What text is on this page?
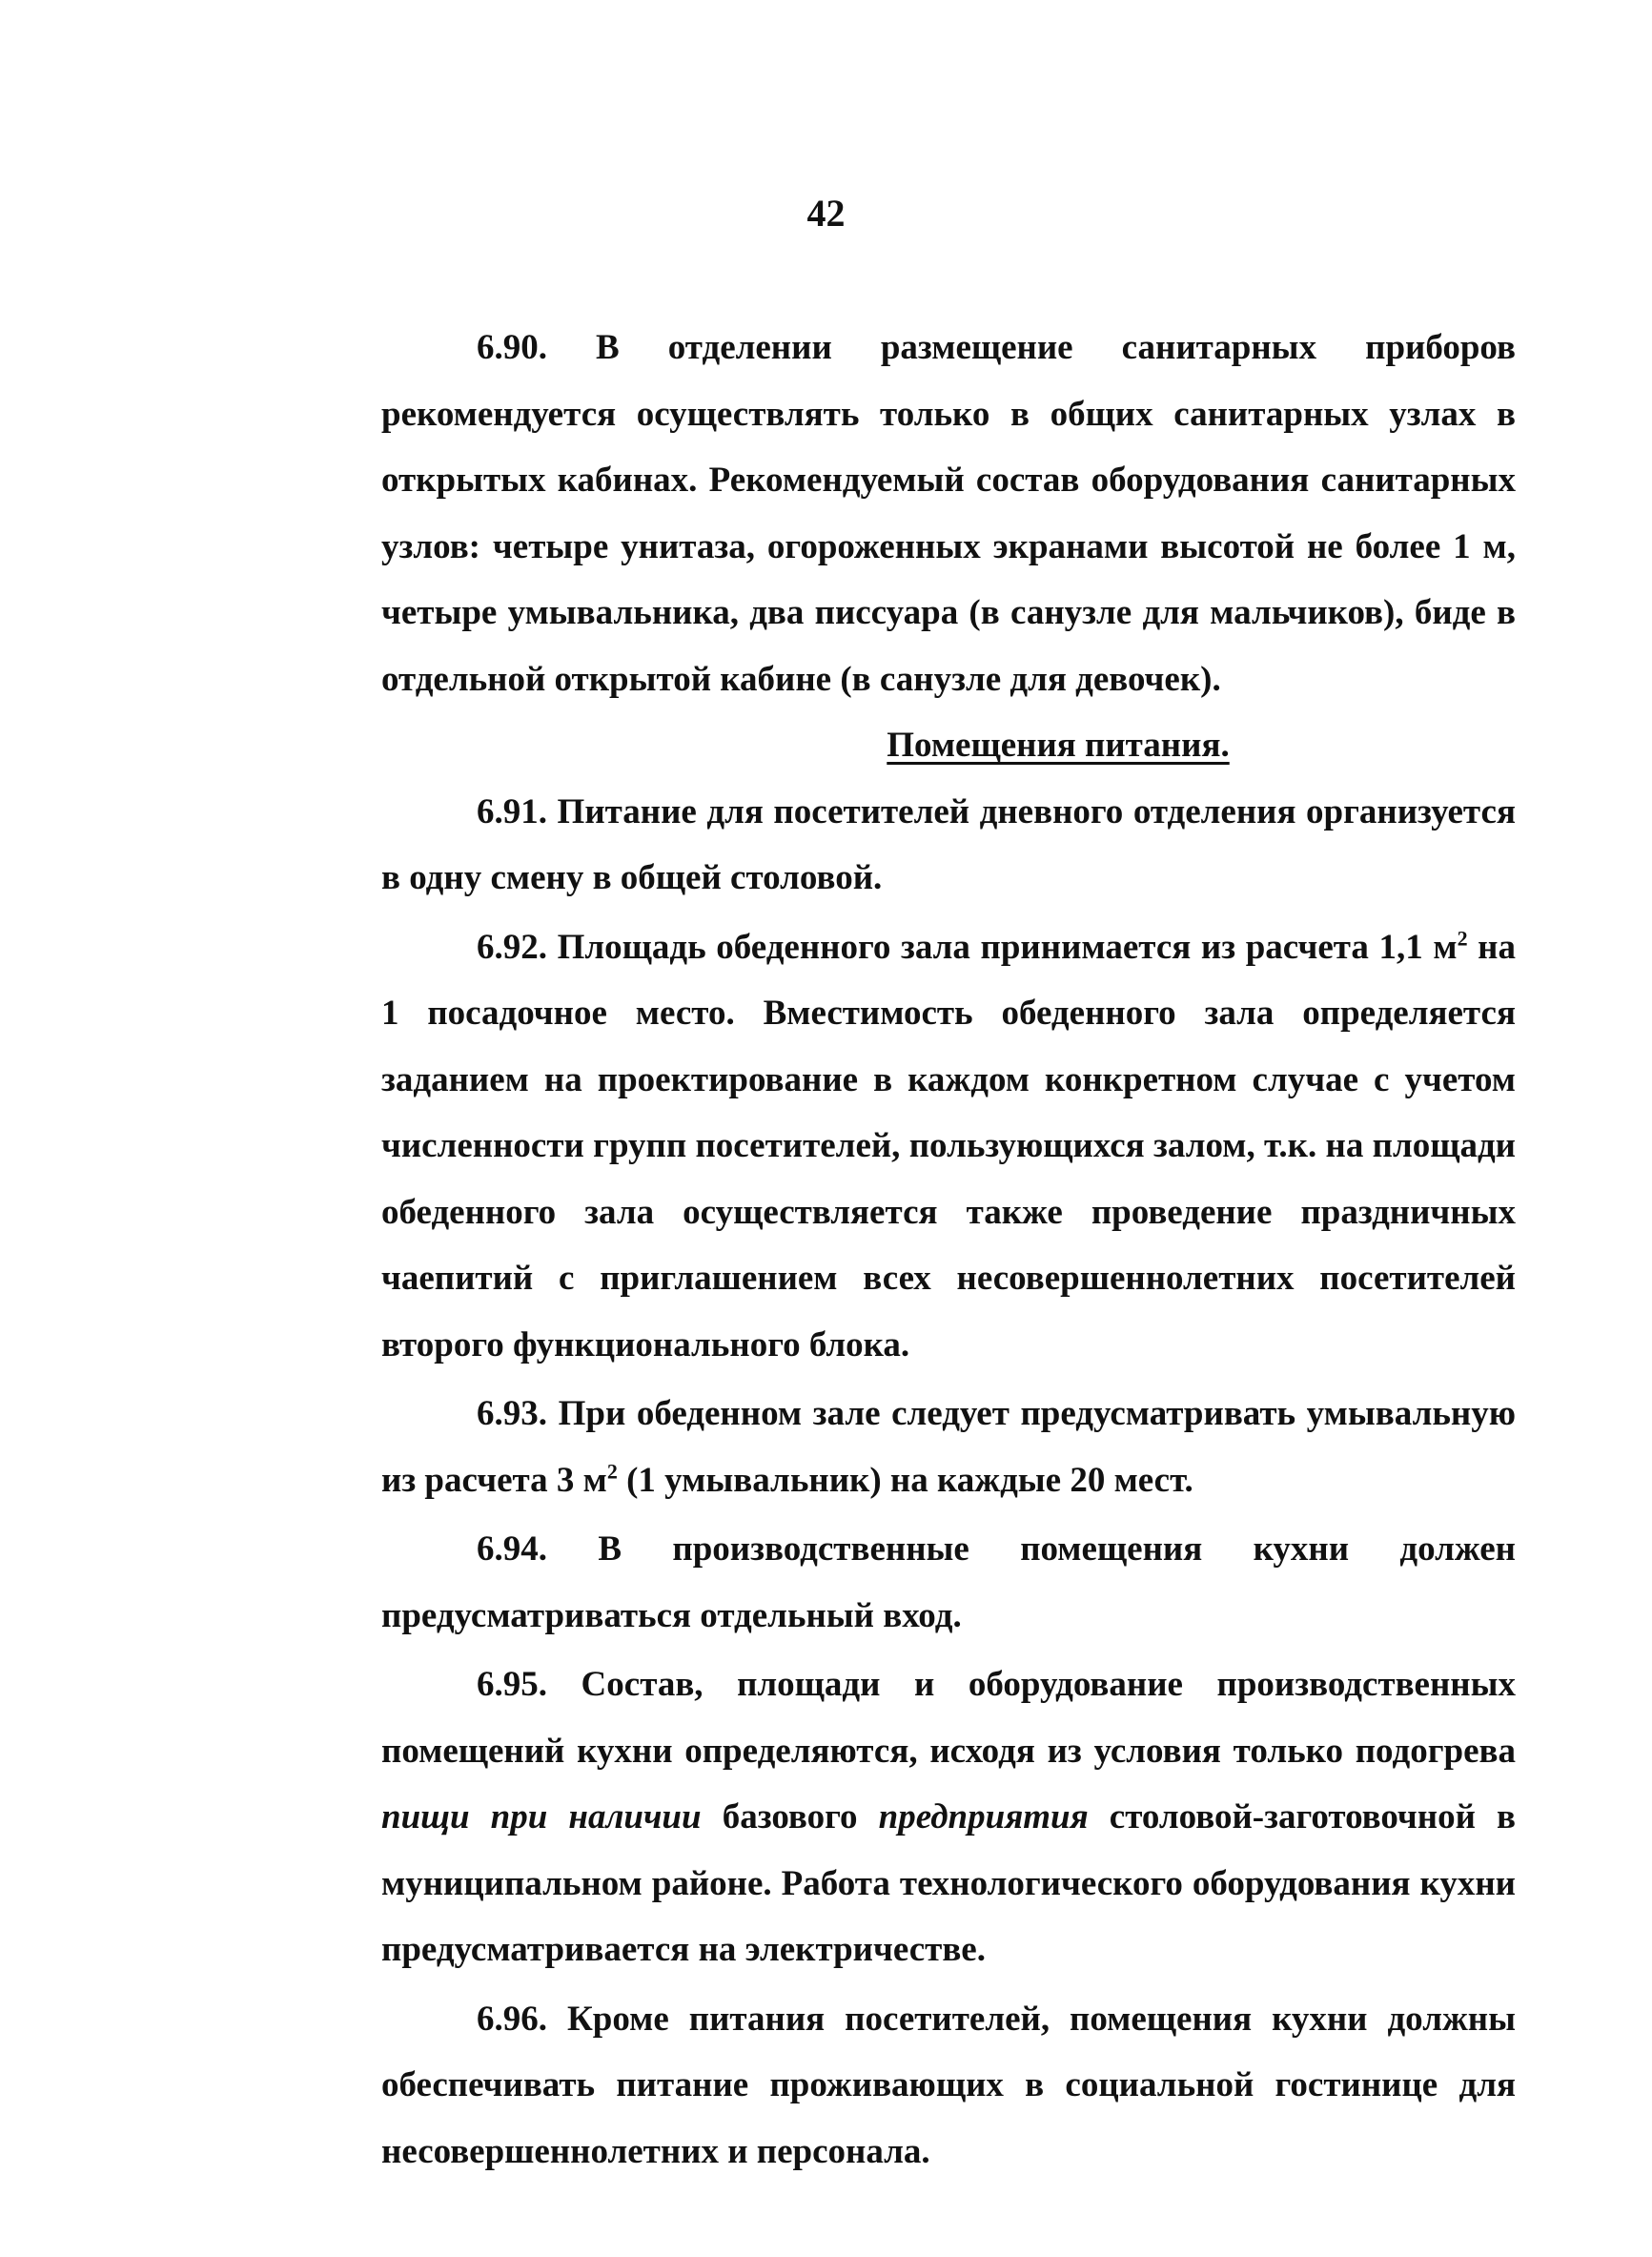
42

6.90. В отделении размещение санитарных приборов рекомендуется осуществлять только в общих санитарных узлах в открытых кабинах. Рекомендуемый состав оборудования санитарных узлов: четыре унитаза, огороженных экранами высотой не более 1 м, четыре умывальника, два писсуара (в санузле для мальчиков), биде в отдельной открытой кабине (в санузле для девочек).

Помещения питания.

6.91. Питание для посетителей дневного отделения организуется в одну смену в общей столовой.

6.92. Площадь обеденного зала принимается из расчета 1,1 $м^2$ на 1 посадочное место. Вместимость обеденного зала определяется заданием на проектирование в каждом конкретном случае с учетом численности групп посетителей, пользующихся залом, т.к. на площади обеденного зала осуществляется также проведение праздничных чаепитий с приглашением всех несовершеннолетних посетителей второго функционального блока.

6.93. При обеденном зале следует предусматривать умывальную из расчета 3 $м^2$ (1 умывальник) на каждые 20 мест.

6.94. В производственные помещения кухни должен предусматриваться отдельный вход.

6.95. Состав, площади и оборудование производственных помещений кухни определяются, исходя из условия только подогрева пищи при наличии базового предприятия столовой-заготовочной в муниципальном районе. Работа технологического оборудования кухни предусматривается на электричестве.

6.96. Кроме питания посетителей, помещения кухни должны обеспечивать питание проживающих в социальной гостинице для несовершеннолетних и персонала.
